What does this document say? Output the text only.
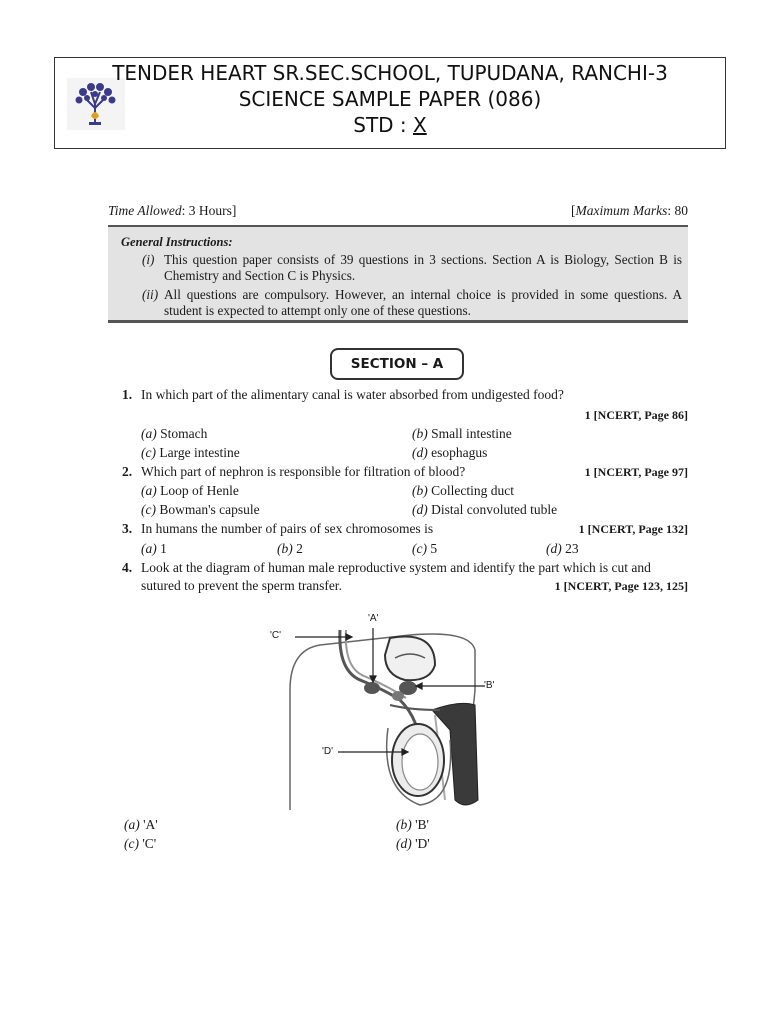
TENDER HEART SR.SEC.SCHOOL, TUPUDANA, RANCHI-3
SCIENCE SAMPLE PAPER (086)
STD : X
Time Allowed: 3 Hours]	[Maximum Marks: 80
General Instructions:
(i) This question paper consists of 39 questions in 3 sections. Section A is Biology, Section B is Chemistry and Section C is Physics.
(ii) All questions are compulsory. However, an internal choice is provided in some questions. A student is expected to attempt only one of these questions.
SECTION – A
1. In which part of the alimentary canal is water absorbed from undigested food?
1 [NCERT, Page 86]
(a) Stomach	(b) Small intestine
(c) Large intestine	(d) esophagus
2. Which part of nephron is responsible for filtration of blood?	1 [NCERT, Page 97]
(a) Loop of Henle	(b) Collecting duct
(c) Bowman's capsule	(d) Distal convoluted tuble
3. In humans the number of pairs of sex chromosomes is	1 [NCERT, Page 132]
(a) 1	(b) 2	(c) 5	(d) 23
4. Look at the diagram of human male reproductive system and identify the part which is cut and
sutured to prevent the sperm transfer.	1 [NCERT, Page 123, 125]
'C'
'A'
'B'
'D'
(a) 'A'	(b) 'B'
(c) 'C'	(d) 'D'
